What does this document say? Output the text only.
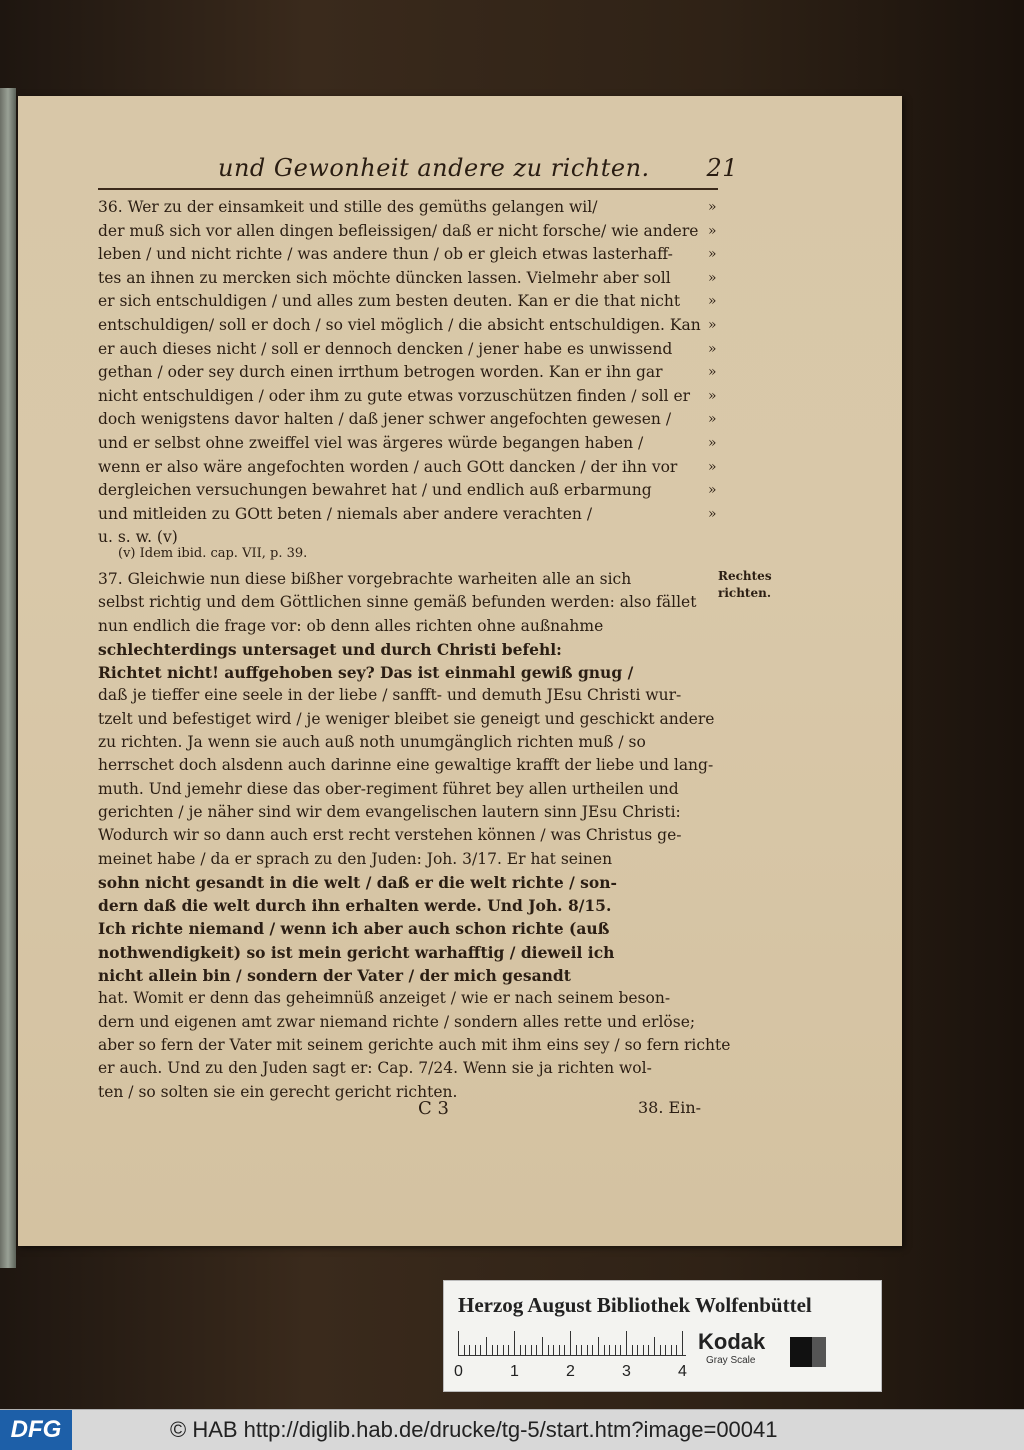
und Gewonheit andere zu richten. 21

36. Wer zu der einsamkeit und stille des gemüths gelangen wil/

der muß sich vor allen dingen befleissigen/ daß er nicht forsche/ wie andere

leben / und nicht richte / was andere thun / ob er gleich etwas lasterhaff-

tes an ihnen zu mercken sich möchte düncken lassen. Vielmehr aber soll

er sich entschuldigen / und alles zum besten deuten. Kan er die that nicht

entschuldigen/ soll er doch / so viel möglich / die absicht entschuldigen. Kan

er auch dieses nicht / soll er dennoch dencken / jener habe es unwissend

gethan / oder sey durch einen irrthum betrogen worden. Kan er ihn gar

nicht entschuldigen / oder ihm zu gute etwas vorzuschützen finden / soll er

doch wenigstens davor halten / daß jener schwer angefochten gewesen /

und er selbst ohne zweiffel viel was ärgeres würde begangen haben /

wenn er also wäre angefochten worden / auch GOtt dancken / der ihn vor

dergleichen versuchungen bewahret hat / und endlich auß erbarmung

und mitleiden zu GOtt beten / niemals aber andere verachten /

u. s. w. (v)

»
»
»
»
»
»
»
»
»
»
»
»
»
»
(v) Idem ibid. cap. VII, p. 39.

37. Gleichwie nun diese bißher vorgebrachte warheiten alle an sich

selbst richtig und dem Göttlichen sinne gemäß befunden werden: also fället

nun endlich die frage vor: ob denn alles richten ohne außnahme

schlechterdings untersaget und durch Christi befehl:

Richtet nicht! auffgehoben sey? Das ist einmahl gewiß gnug /

daß je tieffer eine seele in der liebe / sanfft- und demuth JEsu Christi wur-

tzelt und befestiget wird / je weniger bleibet sie geneigt und geschickt andere

zu richten. Ja wenn sie auch auß noth unumgänglich richten muß / so

herrschet doch alsdenn auch darinne eine gewaltige krafft der liebe und lang-

muth. Und jemehr diese das ober-regiment führet bey allen urtheilen und

gerichten / je näher sind wir dem evangelischen lautern sinn JEsu Christi:

Wodurch wir so dann auch erst recht verstehen können / was Christus ge-

meinet habe / da er sprach zu den Juden: Joh. 3/17. Er hat seinen

sohn nicht gesandt in die welt / daß er die welt richte / son-

dern daß die welt durch ihn erhalten werde. Und Joh. 8/15.

Ich richte niemand / wenn ich aber auch schon richte (auß

nothwendigkeit) so ist mein gericht warhafftig / dieweil ich

nicht allein bin / sondern der Vater / der mich gesandt

hat. Womit er denn das geheimnüß anzeiget / wie er nach seinem beson-

dern und eigenen amt zwar niemand richte / sondern alles rette und erlöse;

aber so fern der Vater mit seinem gerichte auch mit ihm eins sey / so fern richte

er auch. Und zu den Juden sagt er: Cap. 7/24. Wenn sie ja richten wol-

ten / so solten sie ein gerecht gericht richten.

Rechtes
richten.
C 3	38. Ein-
Herzog August Bibliothek Wolfenbüttel
0	1	2	3	4
Kodak
Gray Scale
DFG	© HAB http://diglib.hab.de/drucke/tg-5/start.htm?image=00041
